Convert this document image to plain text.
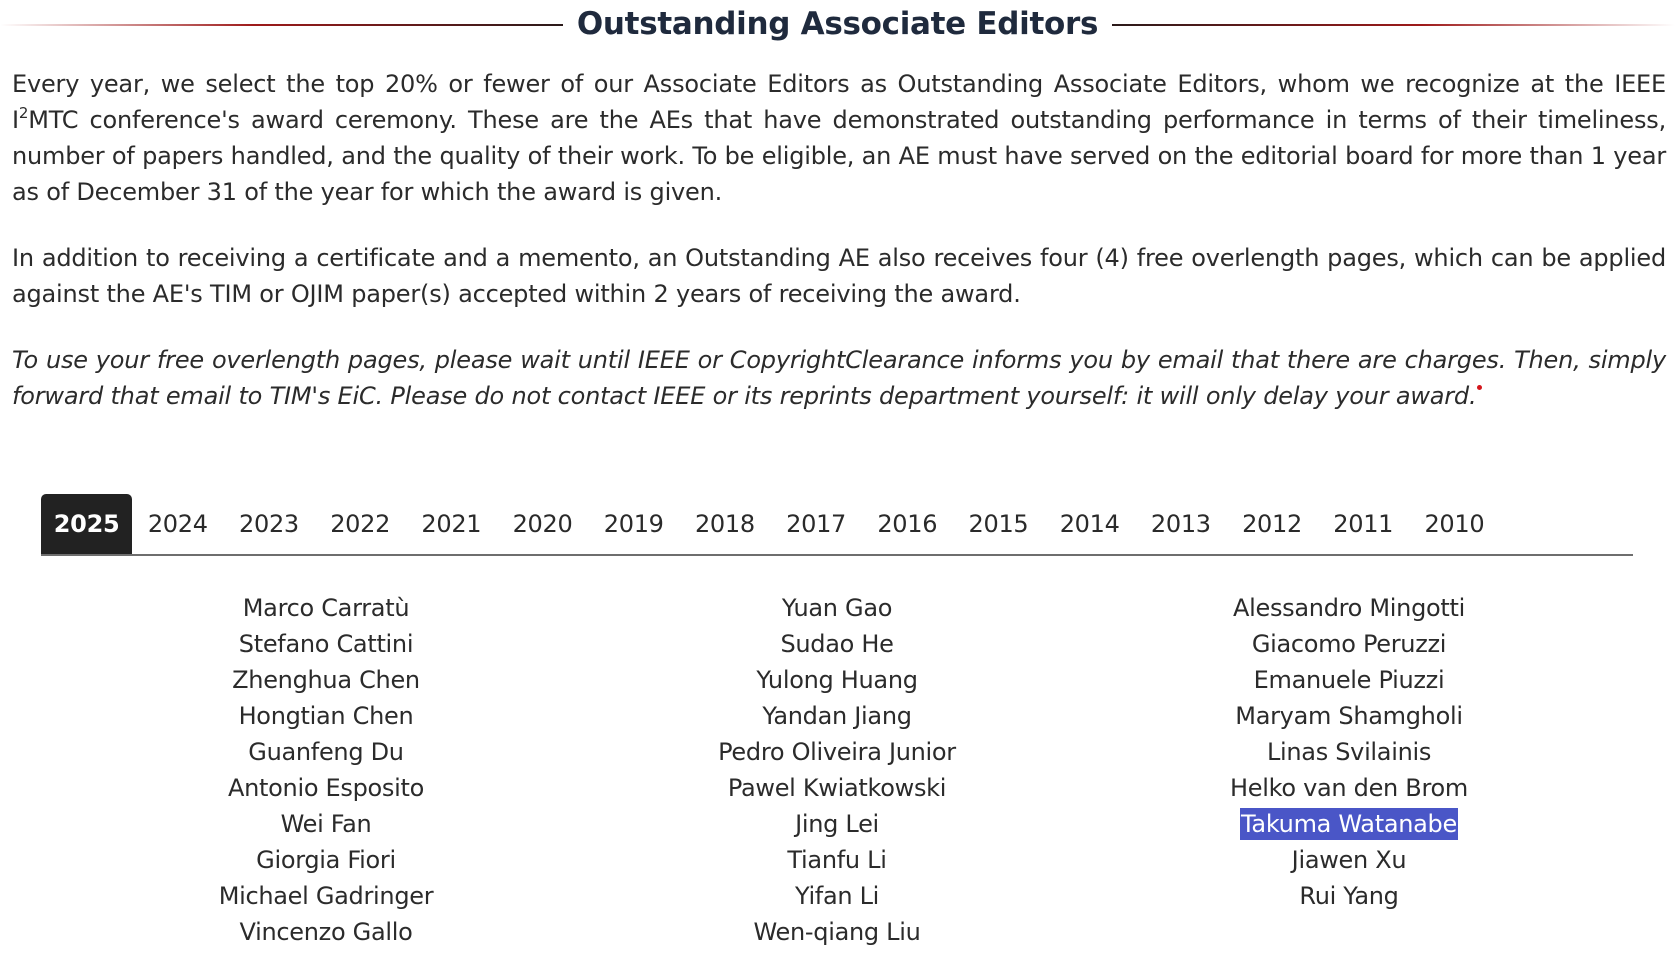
Outstanding Associate Editors

Every year, we select the top 20% or fewer of our Associate Editors as Outstanding Associate Editors, whom we recognize at the IEEE $I^2MTC$ conference's award ceremony. These are the AEs that have demonstrated outstanding performance in terms of their timeliness, number of papers handled, and the quality of their work. To be eligible, an AE must have served on the editorial board for more than 1 year as of December 31 of the year for which the award is given.

In addition to receiving a certificate and a memento, an Outstanding AE also receives four (4) free overlength pages, which can be applied against the AE's TIM or OJIM paper(s) accepted within 2 years of receiving the award.

To use your free overlength pages, please wait until IEEE or CopyrightClearance informs you by email that there are charges. Then, simply forward that email to TIM's EiC. Please do not contact IEEE or its reprints department yourself: it will only delay your award.

2025	2024	2023	2022	2021	2020	2019	2018	2017	2016	2015	2014	2013	2012	2011	2010
Marco Carratù
Stefano Cattini
Zhenghua Chen
Hongtian Chen
Guanfeng Du
Antonio Esposito
Wei Fan
Giorgia Fiori
Michael Gadringer
Vincenzo Gallo
Yuan Gao
Sudao He
Yulong Huang
Yandan Jiang
Pedro Oliveira Junior
Pawel Kwiatkowski
Jing Lei
Tianfu Li
Yifan Li
Wen-qiang Liu
Alessandro Mingotti
Giacomo Peruzzi
Emanuele Piuzzi
Maryam Shamgholi
Linas Svilainis
Helko van den Brom
Takuma Watanabe
Jiawen Xu
Rui Yang
